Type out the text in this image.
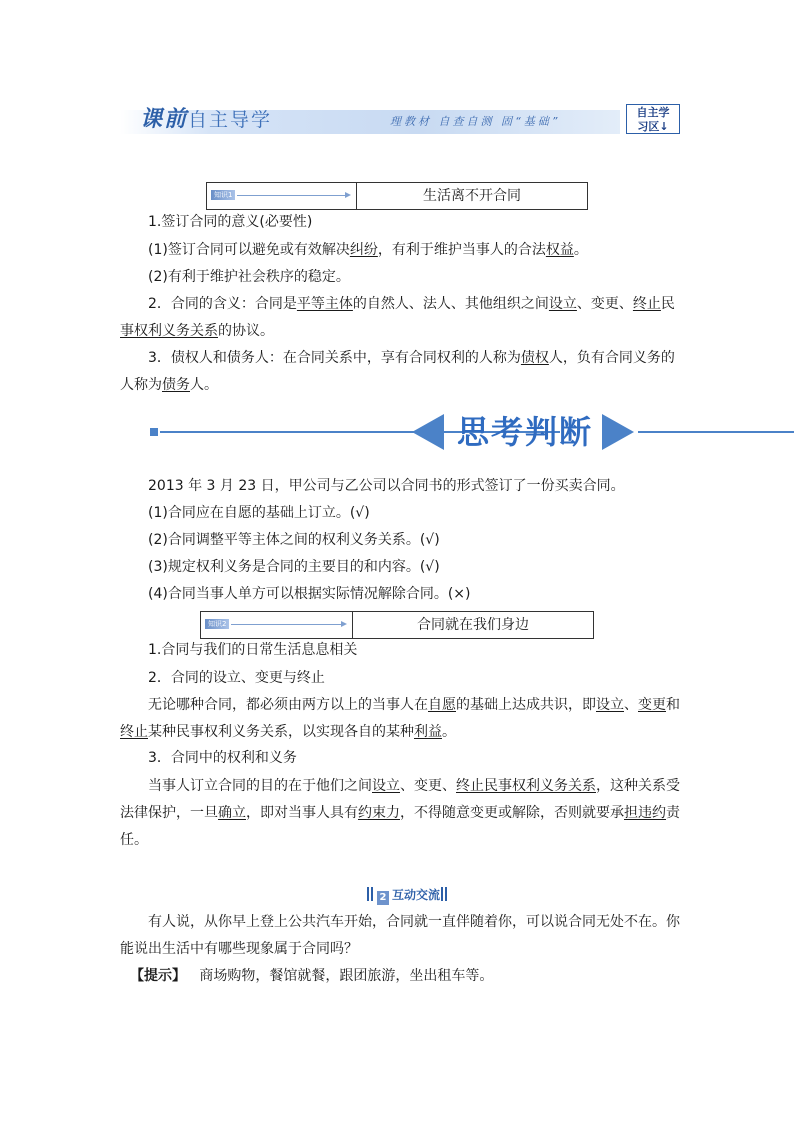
课前自主导学	理教材 自查自测 固“基础”
自主学
习区↓
知识1	生活离不开合同
1.签订合同的意义(必要性)
(1)签订合同可以避免或有效解决纠纷，有利于维护当事人的合法权益。
(2)有利于维护社会秩序的稳定。
2．合同的含义：合同是平等主体的自然人、法人、其他组织之间设立、变更、终止民
事权利义务关系的协议。
3．债权人和债务人：在合同关系中，享有合同权利的人称为债权人，负有合同义务的
人称为债务人。
思考判断
2013 年 3 月 23 日，甲公司与乙公司以合同书的形式签订了一份买卖合同。
(1)合同应在自愿的基础上订立。(√)
(2)合同调整平等主体之间的权利义务关系。(√)
(3)规定权利义务是合同的主要目的和内容。(√)
(4)合同当事人单方可以根据实际情况解除合同。(×)
知识2	合同就在我们身边
1.合同与我们的日常生活息息相关
2．合同的设立、变更与终止
无论哪种合同，都必须由两方以上的当事人在自愿的基础上达成共识，即设立、变更和
终止某种民事权利义务关系，以实现各自的某种利益。
3．合同中的权利和义务
当事人订立合同的目的在于他们之间设立、变更、终止民事权利义务关系，这种关系受
法律保护，一旦确立，即对当事人具有约束力，不得随意变更或解除，否则就要承担违约责
任。
2 互动交流
有人说，从你早上登上公共汽车开始，合同就一直伴随着你，可以说合同无处不在。你
能说出生活中有哪些现象属于合同吗？
【提示】 商场购物，餐馆就餐，跟团旅游，坐出租车等。
